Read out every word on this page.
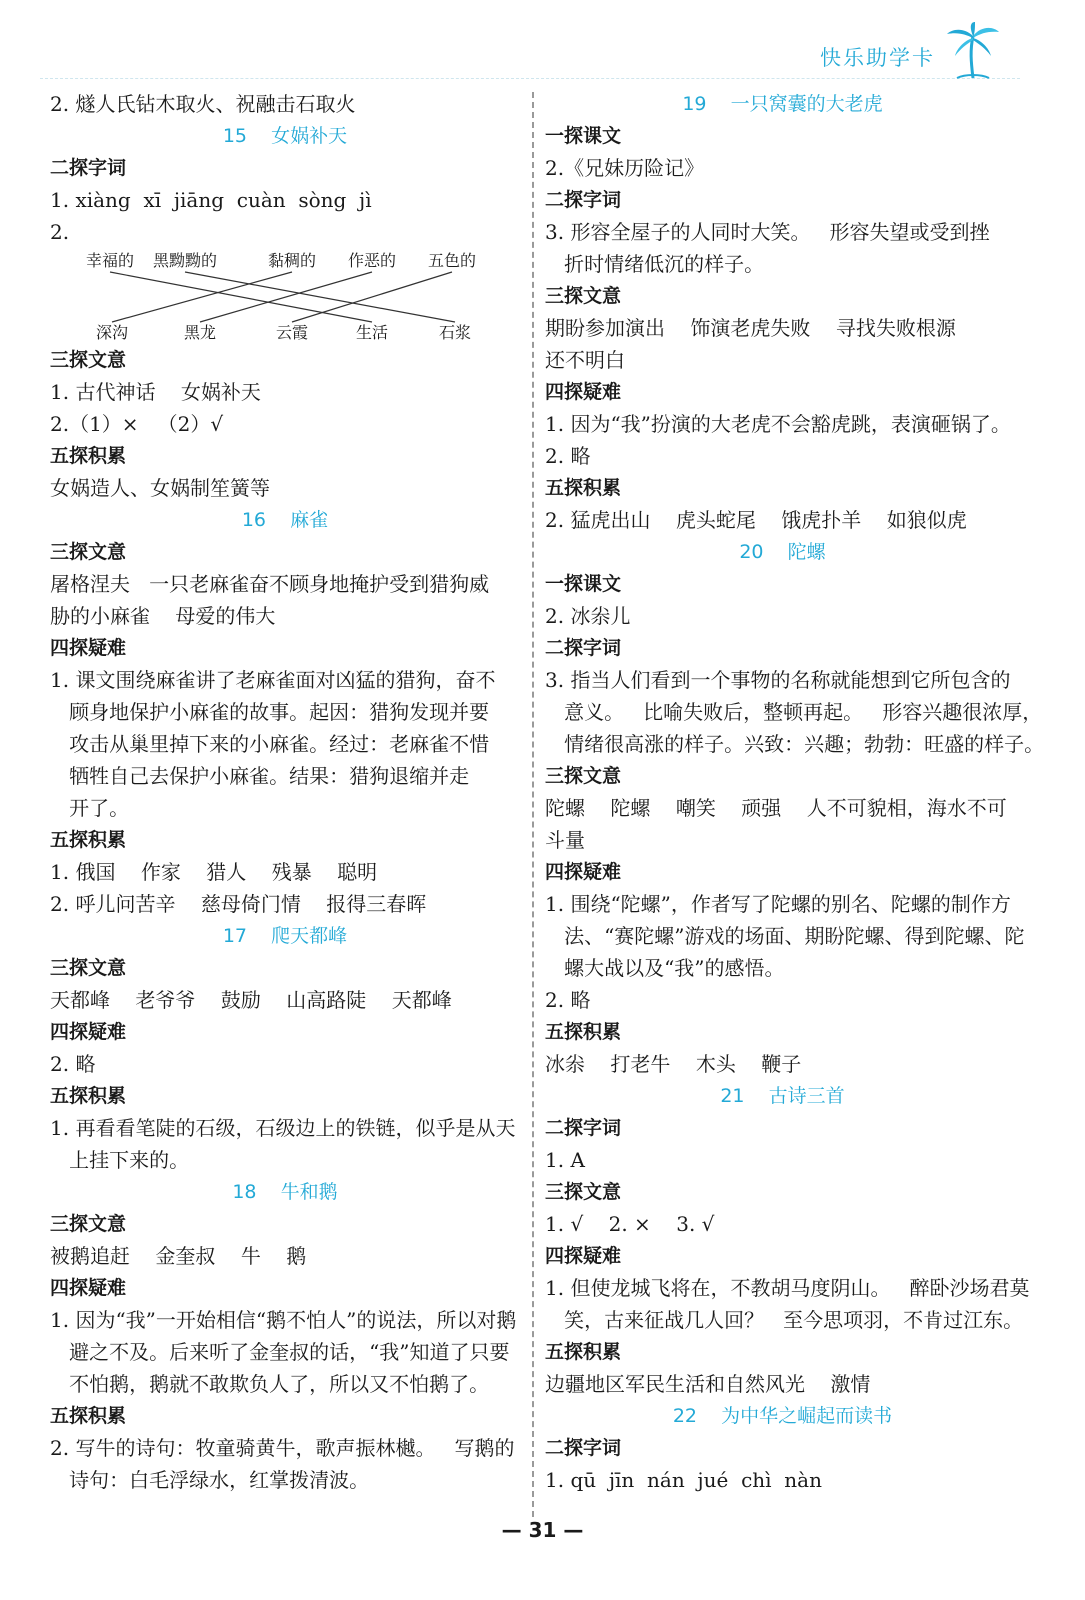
快乐助学卡
2. 燧人氏钻木取火、祝融击石取火
15    女娲补天
二探字词
1. xiàng  xī  jiāng  cuàn  sòng  jì
2.
幸福的 黑黝黝的	黏稠的 作恶的 五色的
深沟	黑龙	云霞	生活	石浆
三探文意
1. 古代神话    女娲补天
2.（1）×   （2）√
五探积累
女娲造人、女娲制笙簧等
16    麻雀
三探文意
屠格涅夫   一只老麻雀奋不顾身地掩护受到猎狗威
胁的小麻雀    母爱的伟大
四探疑难
1. 课文围绕麻雀讲了老麻雀面对凶猛的猎狗，奋不
顾身地保护小麻雀的故事。起因：猎狗发现并要
攻击从巢里掉下来的小麻雀。经过：老麻雀不惜
牺牲自己去保护小麻雀。结果：猎狗退缩并走
开了。
五探积累
1. 俄国    作家    猎人    残暴    聪明
2. 呼儿问苦辛    慈母倚门情    报得三春晖
17    爬天都峰
三探文意
天都峰    老爷爷    鼓励    山高路陡    天都峰
四探疑难
2. 略
五探积累
1. 再看看笔陡的石级，石级边上的铁链，似乎是从天
上挂下来的。
18    牛和鹅
三探文意
被鹅追赶    金奎叔    牛    鹅
四探疑难
1. 因为“我”一开始相信“鹅不怕人”的说法，所以对鹅
避之不及。后来听了金奎叔的话，“我”知道了只要
不怕鹅，鹅就不敢欺负人了，所以又不怕鹅了。
五探积累
2. 写牛的诗句：牧童骑黄牛，歌声振林樾。   写鹅的
诗句：白毛浮绿水，红掌拨清波。
19    一只窝囊的大老虎
一探课文
2.《兄妹历险记》
二探字词
3. 形容全屋子的人同时大笑。   形容失望或受到挫
折时情绪低沉的样子。
三探文意
期盼参加演出    饰演老虎失败    寻找失败根源
还不明白
四探疑难
1. 因为“我”扮演的大老虎不会豁虎跳，表演砸锅了。
2. 略
五探积累
2. 猛虎出山    虎头蛇尾    饿虎扑羊    如狼似虎
20    陀螺
一探课文
2. 冰尜儿
二探字词
3. 指当人们看到一个事物的名称就能想到它所包含的
意义。   比喻失败后，整顿再起。   形容兴趣很浓厚，
情绪很高涨的样子。兴致：兴趣；勃勃：旺盛的样子。
三探文意
陀螺    陀螺    嘲笑    顽强    人不可貌相，海水不可
斗量
四探疑难
1. 围绕“陀螺”，作者写了陀螺的别名、陀螺的制作方
法、“赛陀螺”游戏的场面、期盼陀螺、得到陀螺、陀
螺大战以及“我”的感悟。
2. 略
五探积累
冰尜    打老牛    木头    鞭子
21    古诗三首
二探字词
1. A
三探文意
1. √    2. ×    3. √
四探疑难
1. 但使龙城飞将在，不教胡马度阴山。   醉卧沙场君莫
笑，古来征战几人回？   至今思项羽，不肯过江东。
五探积累
边疆地区军民生活和自然风光    激情
22    为中华之崛起而读书
二探字词
1. qū  jīn  nán  jué  chì  nàn
— 31 —
